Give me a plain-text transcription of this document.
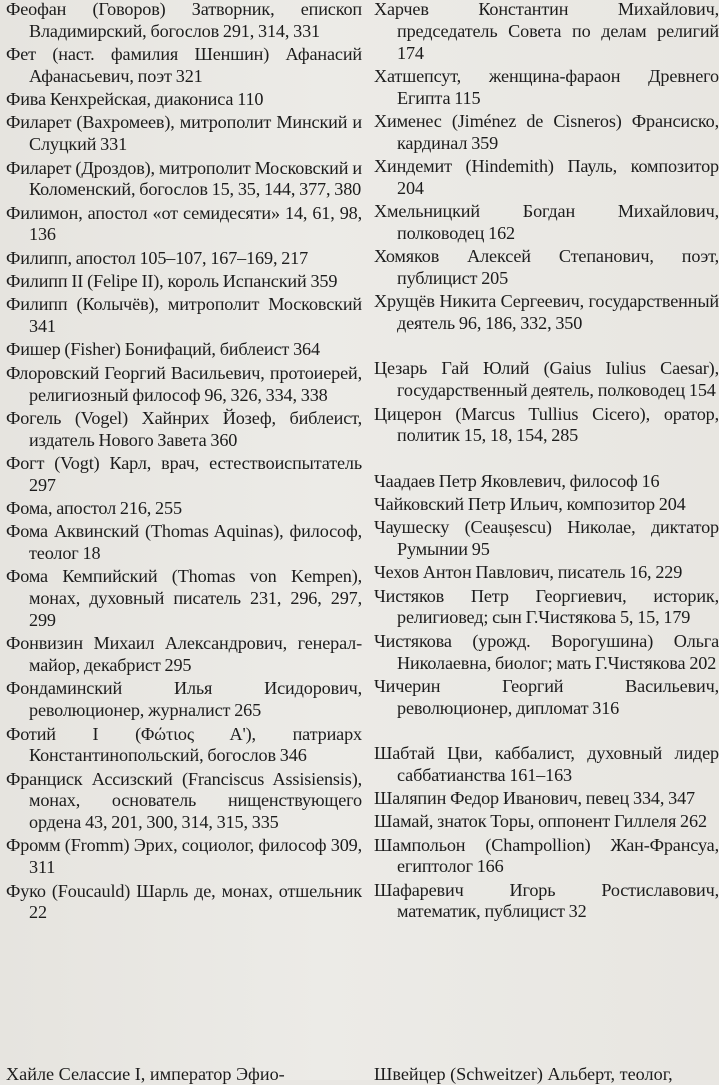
Феофан (Говоров) Затворник, епископ Владимирский, богослов 291, 314, 331

Фет (наст. фамилия Шеншин) Афанасий Афанасьевич, поэт 321

Фива Кенхрейская, диакониса 110

Филарет (Вахромеев), митрополит Минский и Слуцкий 331

Филарет (Дроздов), митрополит Московский и Коломенский, богослов 15, 35, 144, 377, 380

Филимон, апостол «от семидесяти» 14, 61, 98, 136

Филипп, апостол 105–107, 167–169, 217

Филипп II (Felipe II), король Испанский 359

Филипп (Колычёв), митрополит Московский 341

Фишер (Fisher) Бонифаций, библеист 364

Флоровский Георгий Васильевич, протоиерей, религиозный философ 96, 326, 334, 338

Фогель (Vogel) Хайнрих Йозеф, библеист, издатель Нового Завета 360

Фогт (Vogt) Карл, врач, естествоиспытатель 297

Фома, апостол 216, 255

Фома Аквинский (Thomas Aquinas), философ, теолог 18

Фома Кемпийский (Thomas von Kempen), монах, духовный писатель 231, 296, 297, 299

Фонвизин Михаил Александрович, генерал-майор, декабрист 295

Фондаминский Илья Исидорович, революционер, журналист 265

Фотий I (Φώτιος Α'), патриарх Константинопольский, богослов 346

Франциск Ассизский (Franciscus Assisiensis), монах, основатель нищенствующего ордена 43, 201, 300, 314, 315, 335

Фромм (Fromm) Эрих, социолог, философ 309, 311

Фуко (Foucauld) Шарль де, монах, отшельник 22

Хайле Селассие I, император Эфио-

Харчев Константин Михайлович, председатель Совета по делам религий 174

Хатшепсут, женщина-фараон Древнего Египта 115

Хименес (Jiménez de Cisneros) Франсиско, кардинал 359

Хиндемит (Hindemith) Пауль, композитор 204

Хмельницкий Богдан Михайлович, полководец 162

Хомяков Алексей Степанович, поэт, публицист 205

Хрущёв Никита Сергеевич, государственный деятель 96, 186, 332, 350

Цезарь Гай Юлий (Gaius Iulius Caesar), государственный деятель, полководец 154

Цицерон (Marcus Tullius Cicero), оратор, политик 15, 18, 154, 285

Чаадаев Петр Яковлевич, философ 16

Чайковский Петр Ильич, композитор 204

Чаушеску (Ceaușescu) Николае, диктатор Румынии 95

Чехов Антон Павлович, писатель 16, 229

Чистяков Петр Георгиевич, историк, религиовед; сын Г.Чистякова 5, 15, 179

Чистякова (урожд. Ворогушина) Ольга Николаевна, биолог; мать Г.Чистякова 202

Чичерин Георгий Васильевич, революционер, дипломат 316

Шабтай Цви, каббалист, духовный лидер саббатианства 161–163

Шаляпин Федор Иванович, певец 334, 347

Шамай, знаток Торы, оппонент Гиллеля 262

Шампольон (Champollion) Жан-Франсуа, египтолог 166

Шафаревич Игорь Ростиславович, математик, публицист 32

Швейцер (Schweitzer) Альберт, теолог,
